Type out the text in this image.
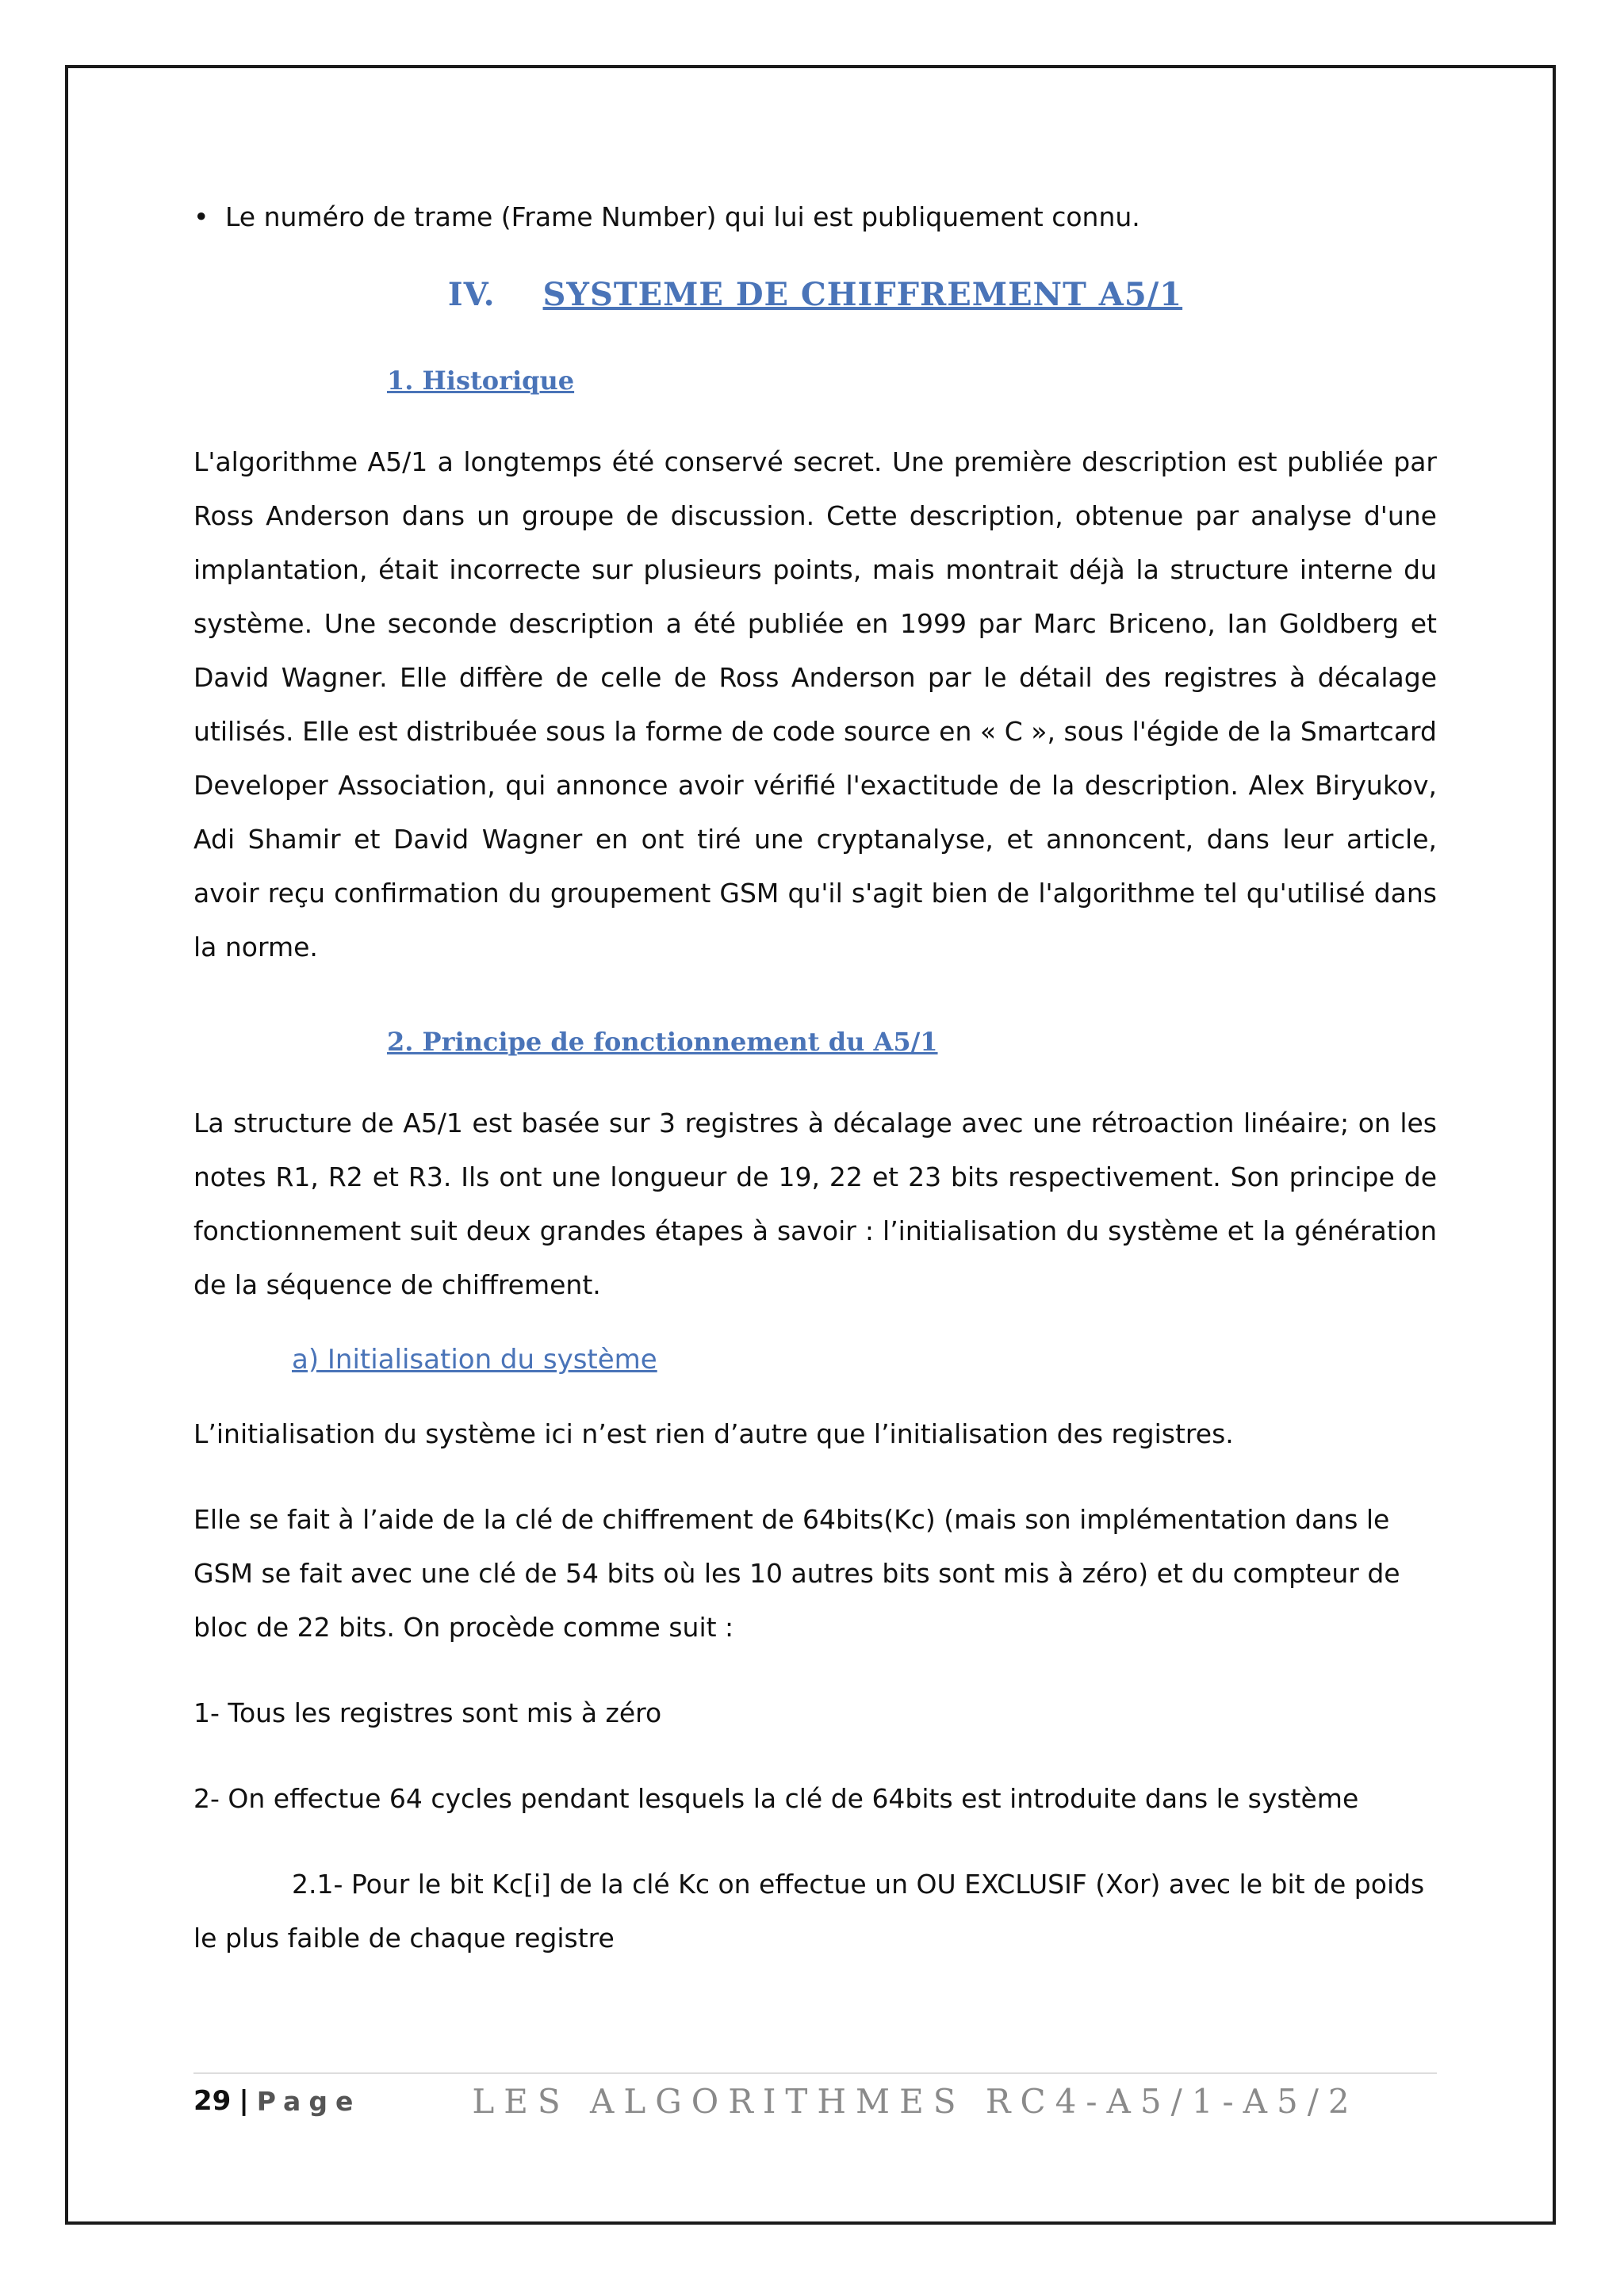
• Le numéro de trame (Frame Number) qui lui est publiquement connu.

IV. SYSTEME DE CHIFFREMENT A5/1
1. Historique

L'algorithme A5/1 a longtemps été conservé secret. Une première description est publiée par Ross Anderson dans un groupe de discussion. Cette description, obtenue par analyse d'une implantation, était incorrecte sur plusieurs points, mais montrait déjà la structure interne du système. Une seconde description a été publiée en 1999 par Marc Briceno, Ian Goldberg et David Wagner. Elle diffère de celle de Ross Anderson par le détail des registres à décalage utilisés. Elle est distribuée sous la forme de code source en « C », sous l'égide de la Smartcard Developer Association, qui annonce avoir vérifié l'exactitude de la description. Alex Biryukov, Adi Shamir et David Wagner en ont tiré une cryptanalyse, et annoncent, dans leur article, avoir reçu confirmation du groupement GSM qu'il s'agit bien de l'algorithme tel qu'utilisé dans la norme.

2. Principe de fonctionnement du A5/1

La structure de A5/1 est basée sur 3 registres à décalage avec une rétroaction linéaire; on les notes R1, R2 et R3. Ils ont une longueur de 19, 22 et 23 bits respectivement. Son principe de fonctionnement suit deux grandes étapes à savoir : l’initialisation du système et la génération de la séquence de chiffrement.

a) Initialisation du système

L’initialisation du système ici n’est rien d’autre que l’initialisation des registres.

Elle se fait à l’aide de la clé de chiffrement de 64bits(Kc) (mais son implémentation dans le GSM se fait avec une clé de 54 bits où les 10 autres bits sont mis à zéro) et du compteur de bloc de 22 bits. On procède comme suit :

1- Tous les registres sont mis à zéro

2- On effectue 64 cycles pendant lesquels la clé de 64bits est introduite dans le système

2.1- Pour le bit Kc[i] de la clé Kc on effectue un OU EXCLUSIF (Xor) avec le bit de poids le plus faible de chaque registre

29 | Page	LES ALGORITHMES RC4-A5/1-A5/2
